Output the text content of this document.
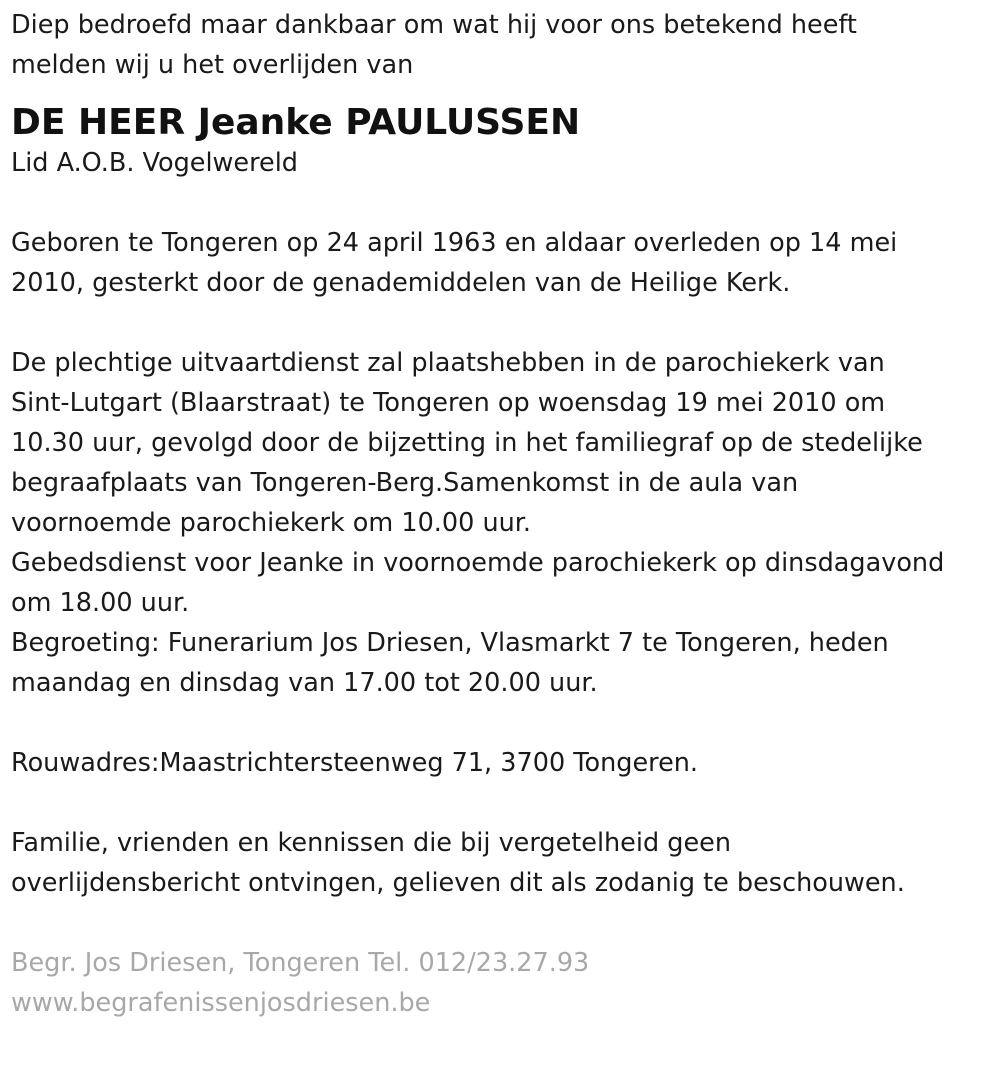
Diep bedroefd maar dankbaar om wat hij voor ons betekend heeft
melden wij u het overlijden van

DE HEER Jeanke PAULUSSEN

Lid A.O.B. Vogelwereld

Geboren te Tongeren op 24 april 1963 en aldaar overleden op 14 mei
2010, gesterkt door de genademiddelen van de Heilige Kerk.

De plechtige uitvaartdienst zal plaatshebben in de parochiekerk van
Sint-Lutgart (Blaarstraat) te Tongeren op woensdag 19 mei 2010 om
10.30 uur, gevolgd door de bijzetting in het familiegraf op de stedelijke
begraafplaats van Tongeren-Berg.Samenkomst in de aula van
voornoemde parochiekerk om 10.00 uur.

Gebedsdienst voor Jeanke in voornoemde parochiekerk op dinsdagavond
om 18.00 uur.

Begroeting: Funerarium Jos Driesen, Vlasmarkt 7 te Tongeren, heden
maandag en dinsdag van 17.00 tot 20.00 uur.

Rouwadres:Maastrichtersteenweg 71, 3700 Tongeren.

Familie, vrienden en kennissen die bij vergetelheid geen
overlijdensbericht ontvingen, gelieven dit als zodanig te beschouwen.

Begr. Jos Driesen, Tongeren Tel. 012/23.27.93

www.begrafenissenjosdriesen.be
